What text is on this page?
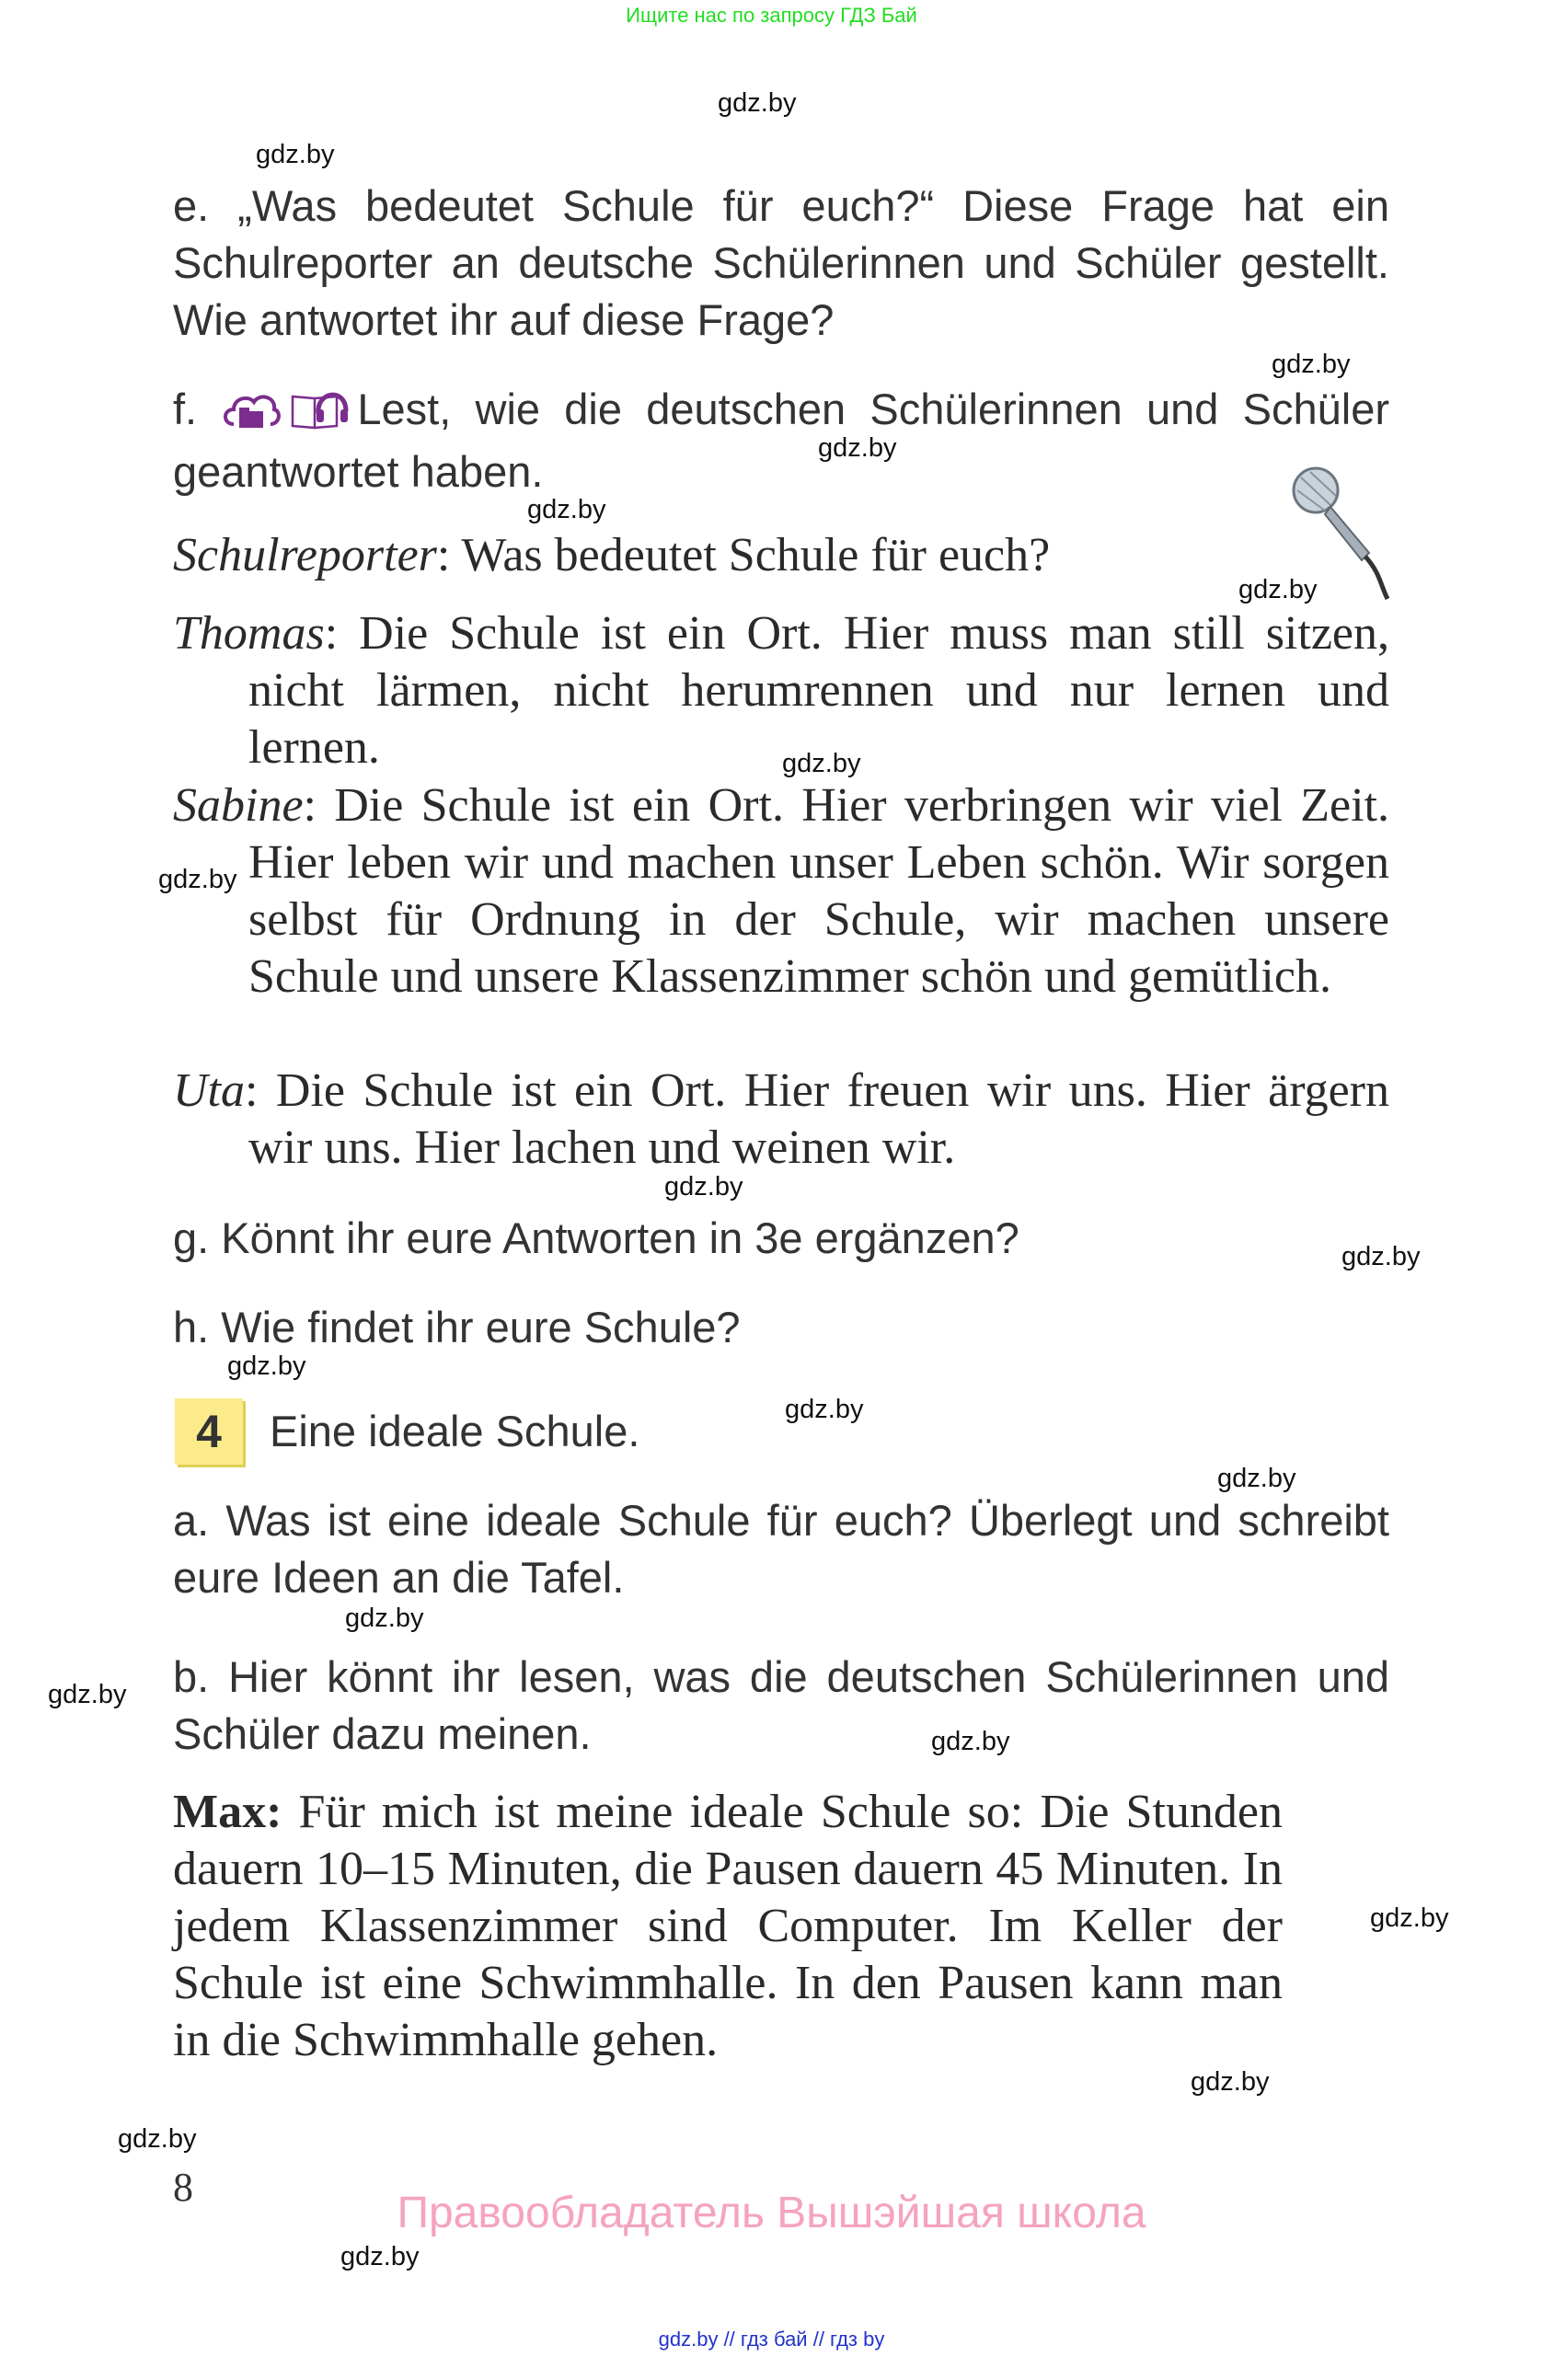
Ищите нас по запросу ГДЗ Бай
gdz.by
gdz.by
gdz.by
gdz.by
gdz.by
gdz.by
gdz.by
gdz.by
gdz.by
gdz.by
gdz.by
gdz.by
gdz.by
gdz.by
gdz.by
gdz.by
gdz.by
gdz.by
gdz.by
gdz.by
e. „Was bedeutet Schule für euch?“ Diese Frage hat ein Schulreporter an deutsche Schülerinnen und Schüler gestellt. Wie antwortet ihr auf diese Frage?
f.	Lest, wie die deutschen Schülerinnen und Schüler geantwortet haben.
Schulreporter: Was bedeutet Schule für euch?
Thomas: Die Schule ist ein Ort. Hier muss man still sitzen, nicht lärmen, nicht herumrennen und nur lernen und lernen.
Sabine: Die Schule ist ein Ort. Hier verbringen wir viel Zeit. Hier leben wir und machen unser Leben schön. Wir sorgen selbst für Ordnung in der Schule, wir machen unsere Schule und unsere Klassenzimmer schön und gemütlich.
Uta: Die Schule ist ein Ort. Hier freuen wir uns. Hier ärgern wir uns. Hier lachen und weinen wir.
g. Könnt ihr eure Antworten in 3e ergänzen?
h. Wie findet ihr eure Schule?
4	Eine ideale Schule.
a. Was ist eine ideale Schule für euch? Überlegt und schreibt eure Ideen an die Tafel.
b. Hier könnt ihr lesen, was die deutschen Schülerinnen und Schüler dazu meinen.
Max: Für mich ist meine ideale Schule so: Die Stunden dauern 10–15 Minuten, die Pausen dauern 45 Minuten. In jedem Klassenzimmer sind Computer. Im Keller der Schule ist eine Schwimmhalle. In den Pausen kann man in die Schwimmhalle gehen.
8
Правообладатель Вышэйшая школа
gdz.by // гдз бай // гдз by
